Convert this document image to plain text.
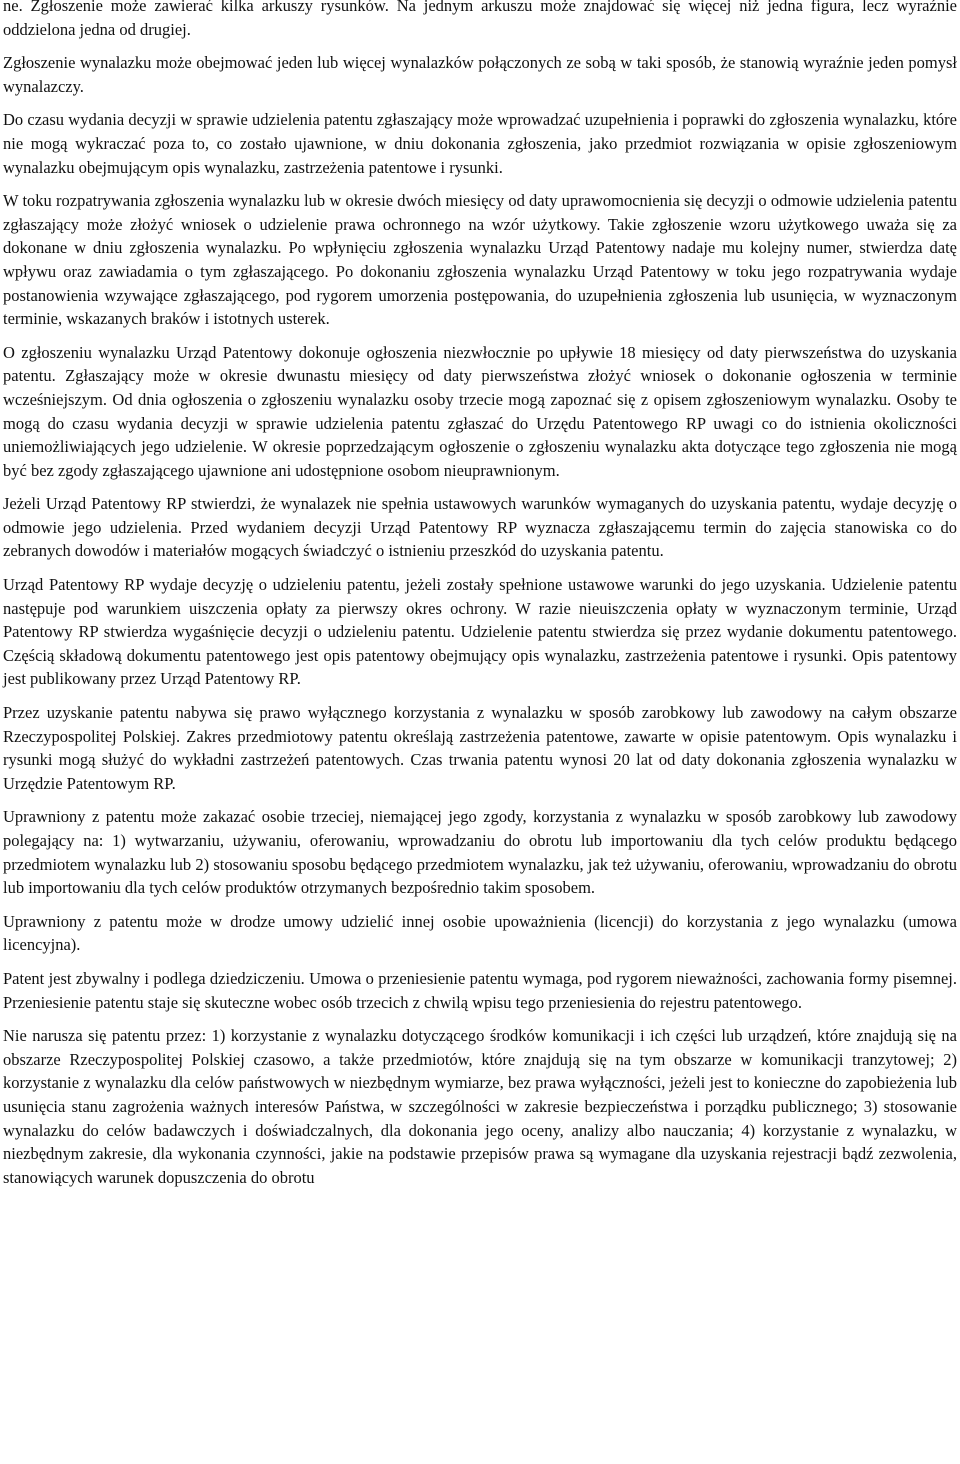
ne. Zgłoszenie może zawierać kilka arkuszy rysunków. Na jednym arkuszu może znajdować się więcej niż jedna figura, lecz wyraźnie oddzielona jedna od drugiej.

Zgłoszenie wynalazku może obejmować jeden lub więcej wynalazków połączonych ze sobą w taki sposób, że stanowią wyraźnie jeden pomysł wynalazczy.

Do czasu wydania decyzji w sprawie udzielenia patentu zgłaszający może wprowadzać uzupełnienia i poprawki do zgłoszenia wynalazku, które nie mogą wykraczać poza to, co zostało ujawnione, w dniu dokonania zgłoszenia, jako przedmiot rozwiązania w opisie zgłoszeniowym wynalazku obejmującym opis wynalazku, zastrzeżenia patentowe i rysunki.

W toku rozpatrywania zgłoszenia wynalazku lub w okresie dwóch miesięcy od daty uprawomocnienia się decyzji o odmowie udzielenia patentu zgłaszający może złożyć wniosek o udzielenie prawa ochronnego na wzór użytkowy. Takie zgłoszenie wzoru użytkowego uważa się za dokonane w dniu zgłoszenia wynalazku. Po wpłynięciu zgłoszenia wynalazku Urząd Patentowy nadaje mu kolejny numer, stwierdza datę wpływu oraz zawiadamia o tym zgłaszającego. Po dokonaniu zgłoszenia wynalazku Urząd Patentowy w toku jego rozpatrywania wydaje postanowienia wzywające zgłaszającego, pod rygorem umorzenia postępowania, do uzupełnienia zgłoszenia lub usunięcia, w wyznaczonym terminie, wskazanych braków i istotnych usterek.

O zgłoszeniu wynalazku Urząd Patentowy dokonuje ogłoszenia niezwłocznie po upływie 18 miesięcy od daty pierwszeństwa do uzyskania patentu. Zgłaszający może w okresie dwunastu miesięcy od daty pierwszeństwa złożyć wniosek o dokonanie ogłoszenia w terminie wcześniejszym. Od dnia ogłoszenia o zgłoszeniu wynalazku osoby trzecie mogą zapoznać się z opisem zgłoszeniowym wynalazku. Osoby te mogą do czasu wydania decyzji w sprawie udzielenia patentu zgłaszać do Urzędu Patentowego RP uwagi co do istnienia okoliczności uniemożliwiających jego udzielenie. W okresie poprzedzającym ogłoszenie o zgłoszeniu wynalazku akta dotyczące tego zgłoszenia nie mogą być bez zgody zgłaszającego ujawnione ani udostępnione osobom nieuprawnionym.

Jeżeli Urząd Patentowy RP stwierdzi, że wynalazek nie spełnia ustawowych warunków wymaganych do uzyskania patentu, wydaje decyzję o odmowie jego udzielenia. Przed wydaniem decyzji Urząd Patentowy RP wyznacza zgłaszającemu termin do zajęcia stanowiska co do zebranych dowodów i materiałów mogących świadczyć o istnieniu przeszkód do uzyskania patentu.

Urząd Patentowy RP wydaje decyzję o udzieleniu patentu, jeżeli zostały spełnione ustawowe warunki do jego uzyskania. Udzielenie patentu następuje pod warunkiem uiszczenia opłaty za pierwszy okres ochrony. W razie nieuiszczenia opłaty w wyznaczonym terminie, Urząd Patentowy RP stwierdza wygaśnięcie decyzji o udzieleniu patentu. Udzielenie patentu stwierdza się przez wydanie dokumentu patentowego. Częścią składową dokumentu patentowego jest opis patentowy obejmujący opis wynalazku, zastrzeżenia patentowe i rysunki. Opis patentowy jest publikowany przez Urząd Patentowy RP.

Przez uzyskanie patentu nabywa się prawo wyłącznego korzystania z wynalazku w sposób zarobkowy lub zawodowy na całym obszarze Rzeczypospolitej Polskiej. Zakres przedmiotowy patentu określają zastrzeżenia patentowe, zawarte w opisie patentowym. Opis wynalazku i rysunki mogą służyć do wykładni zastrzeżeń patentowych. Czas trwania patentu wynosi 20 lat od daty dokonania zgłoszenia wynalazku w Urzędzie Patentowym RP.

Uprawniony z patentu może zakazać osobie trzeciej, niemającej jego zgody, korzystania z wynalazku w sposób zarobkowy lub zawodowy polegający na: 1) wytwarzaniu, używaniu, oferowaniu, wprowadzaniu do obrotu lub importowaniu dla tych celów produktu będącego przedmiotem wynalazku lub 2) stosowaniu sposobu będącego przedmiotem wynalazku, jak też używaniu, oferowaniu, wprowadzaniu do obrotu lub importowaniu dla tych celów produktów otrzymanych bezpośrednio takim sposobem.

Uprawniony z patentu może w drodze umowy udzielić innej osobie upoważnienia (licencji) do korzystania z jego wynalazku (umowa licencyjna).

Patent jest zbywalny i podlega dziedziczeniu. Umowa o przeniesienie patentu wymaga, pod rygorem nieważności, zachowania formy pisemnej. Przeniesienie patentu staje się skuteczne wobec osób trzecich z chwilą wpisu tego przeniesienia do rejestru patentowego.

Nie narusza się patentu przez: 1) korzystanie z wynalazku dotyczącego środków komunikacji i ich części lub urządzeń, które znajdują się na obszarze Rzeczypospolitej Polskiej czasowo, a także przedmiotów, które znajdują się na tym obszarze w komunikacji tranzytowej; 2) korzystanie z wynalazku dla celów państwowych w niezbędnym wymiarze, bez prawa wyłączności, jeżeli jest to konieczne do zapobieżenia lub usunięcia stanu zagrożenia ważnych interesów Państwa, w szczególności w zakresie bezpieczeństwa i porządku publicznego; 3) stosowanie wynalazku do celów badawczych i doświadczalnych, dla dokonania jego oceny, analizy albo nauczania; 4) korzystanie z wynalazku, w niezbędnym zakresie, dla wykonania czynności, jakie na podstawie przepisów prawa są wymagane dla uzyskania rejestracji bądź zezwolenia, stanowiących warunek dopuszczenia do obrotu
